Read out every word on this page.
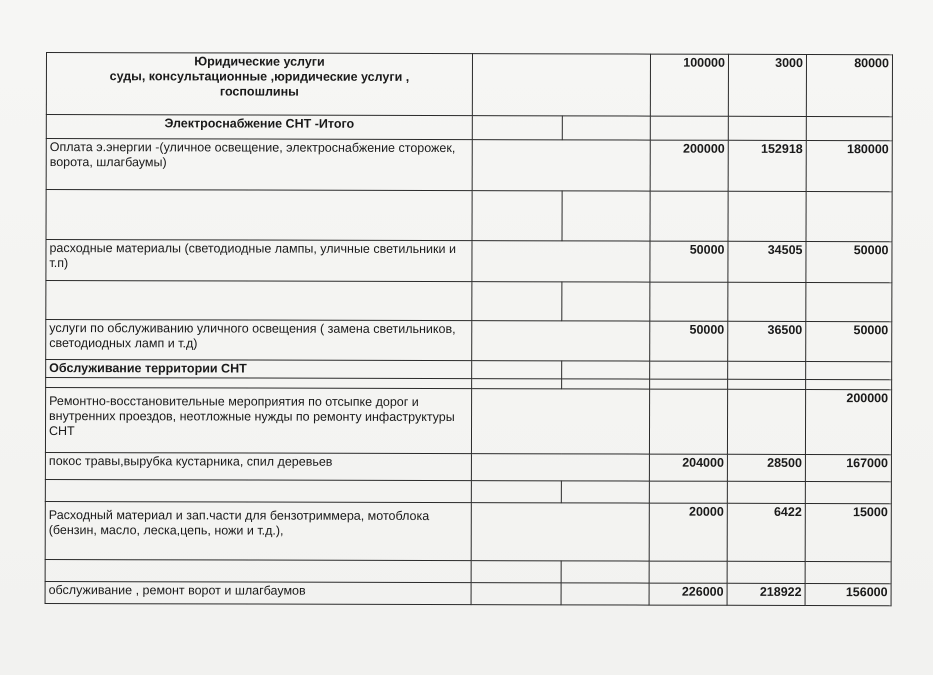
Юридические услуги
суды, консультационные ,юридические услуги ,
госпошлины			100000	3000	80000
Электроснабжение СНТ -Итого					
Оплата э.энергии -(уличное освещение, электроснабжение сторожек, ворота, шлагбаумы)			200000	152918	180000

расходные материалы (светодиодные лампы, уличные светильники и т.п)			50000	34505	50000

услуги по обслуживанию уличного освещения ( замена светильников, светодиодных ламп и т.д)			50000	36500	50000
Обслуживание территории СНТ					

Ремонтно-восстановительные мероприятия по отсыпке дорог и внутренних проездов, неотложные нужды по ремонту инфаструктуры СНТ					200000
покос травы,вырубка кустарника, спил деревьев			204000	28500	167000

Расходный материал и зап.части для бензотриммера, мотоблока (бензин, масло, леска,цепь, ножи и т.д.),			20000	6422	15000

обслуживание , ремонт ворот и шлагбаумов			226000	218922	156000
